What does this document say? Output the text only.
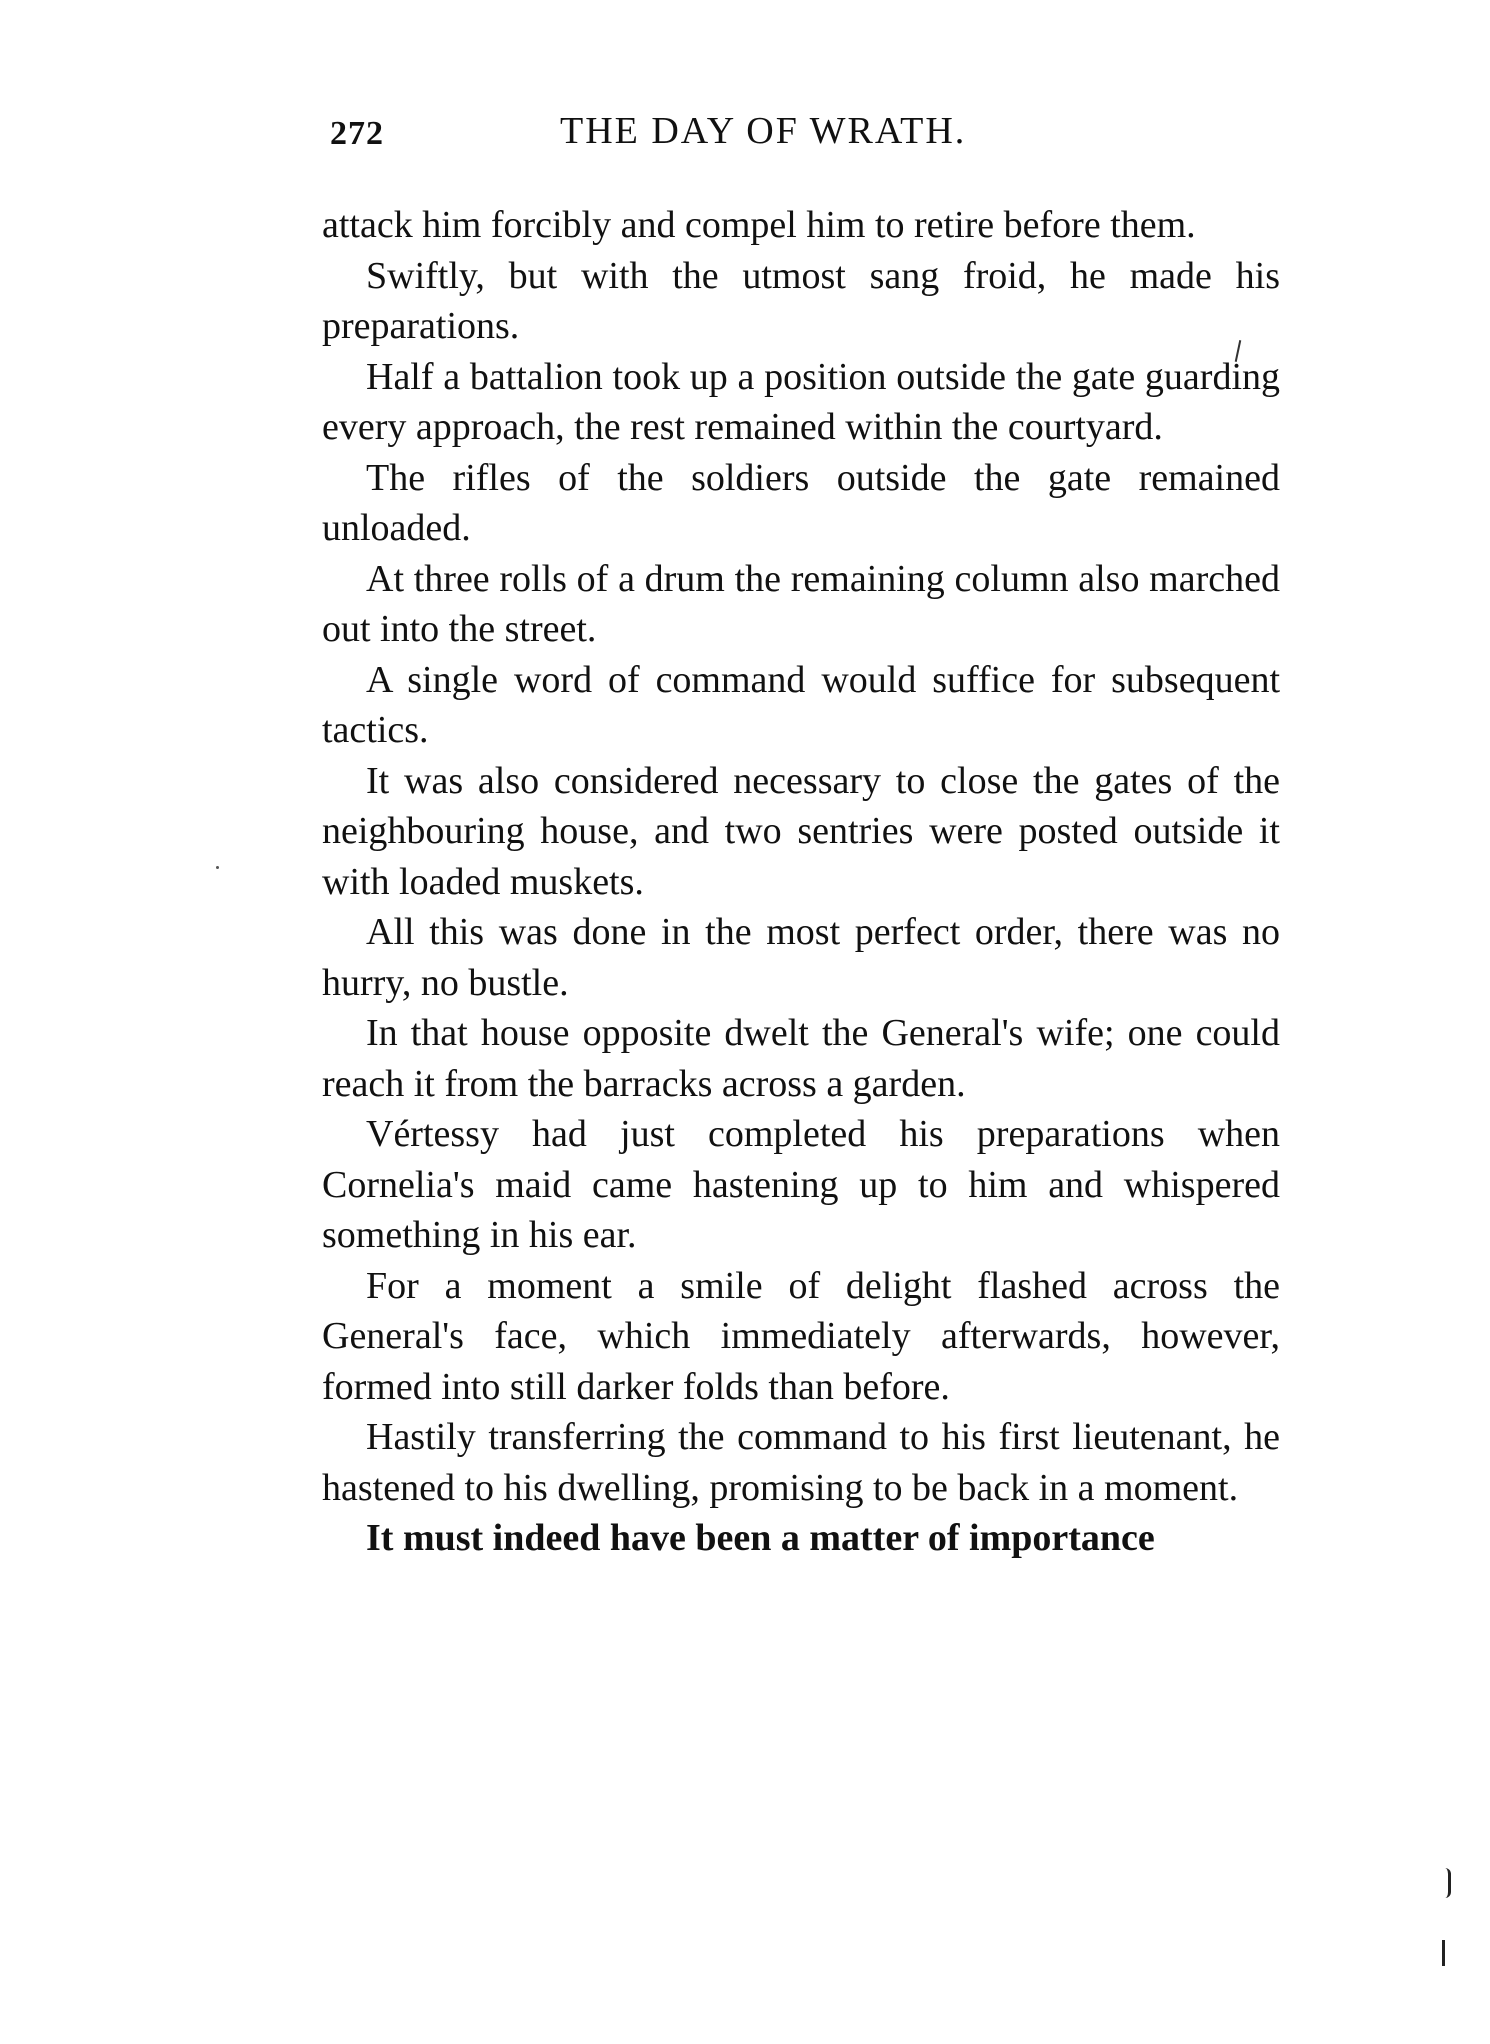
272	THE DAY OF WRATH.

attack him forcibly and compel him to retire before them.

Swiftly, but with the utmost sang froid, he made his preparations.

Half a battalion took up a position outside the gate guarding every approach, the rest remained within the courtyard.

The rifles of the soldiers outside the gate remained unloaded.

At three rolls of a drum the remaining column also marched out into the street.

A single word of command would suffice for subsequent tactics.

It was also considered necessary to close the gates of the neighbouring house, and two sentries were posted outside it with loaded muskets.

All this was done in the most perfect order, there was no hurry, no bustle.

In that house opposite dwelt the General's wife; one could reach it from the barracks across a garden.

Vértessy had just completed his preparations when Cornelia's maid came hastening up to him and whispered something in his ear.

For a moment a smile of delight flashed across the General's face, which immediately afterwards, however, formed into still darker folds than before.

Hastily transferring the command to his first lieutenant, he hastened to his dwelling, promising to be back in a moment.

It must indeed have been a matter of importance
